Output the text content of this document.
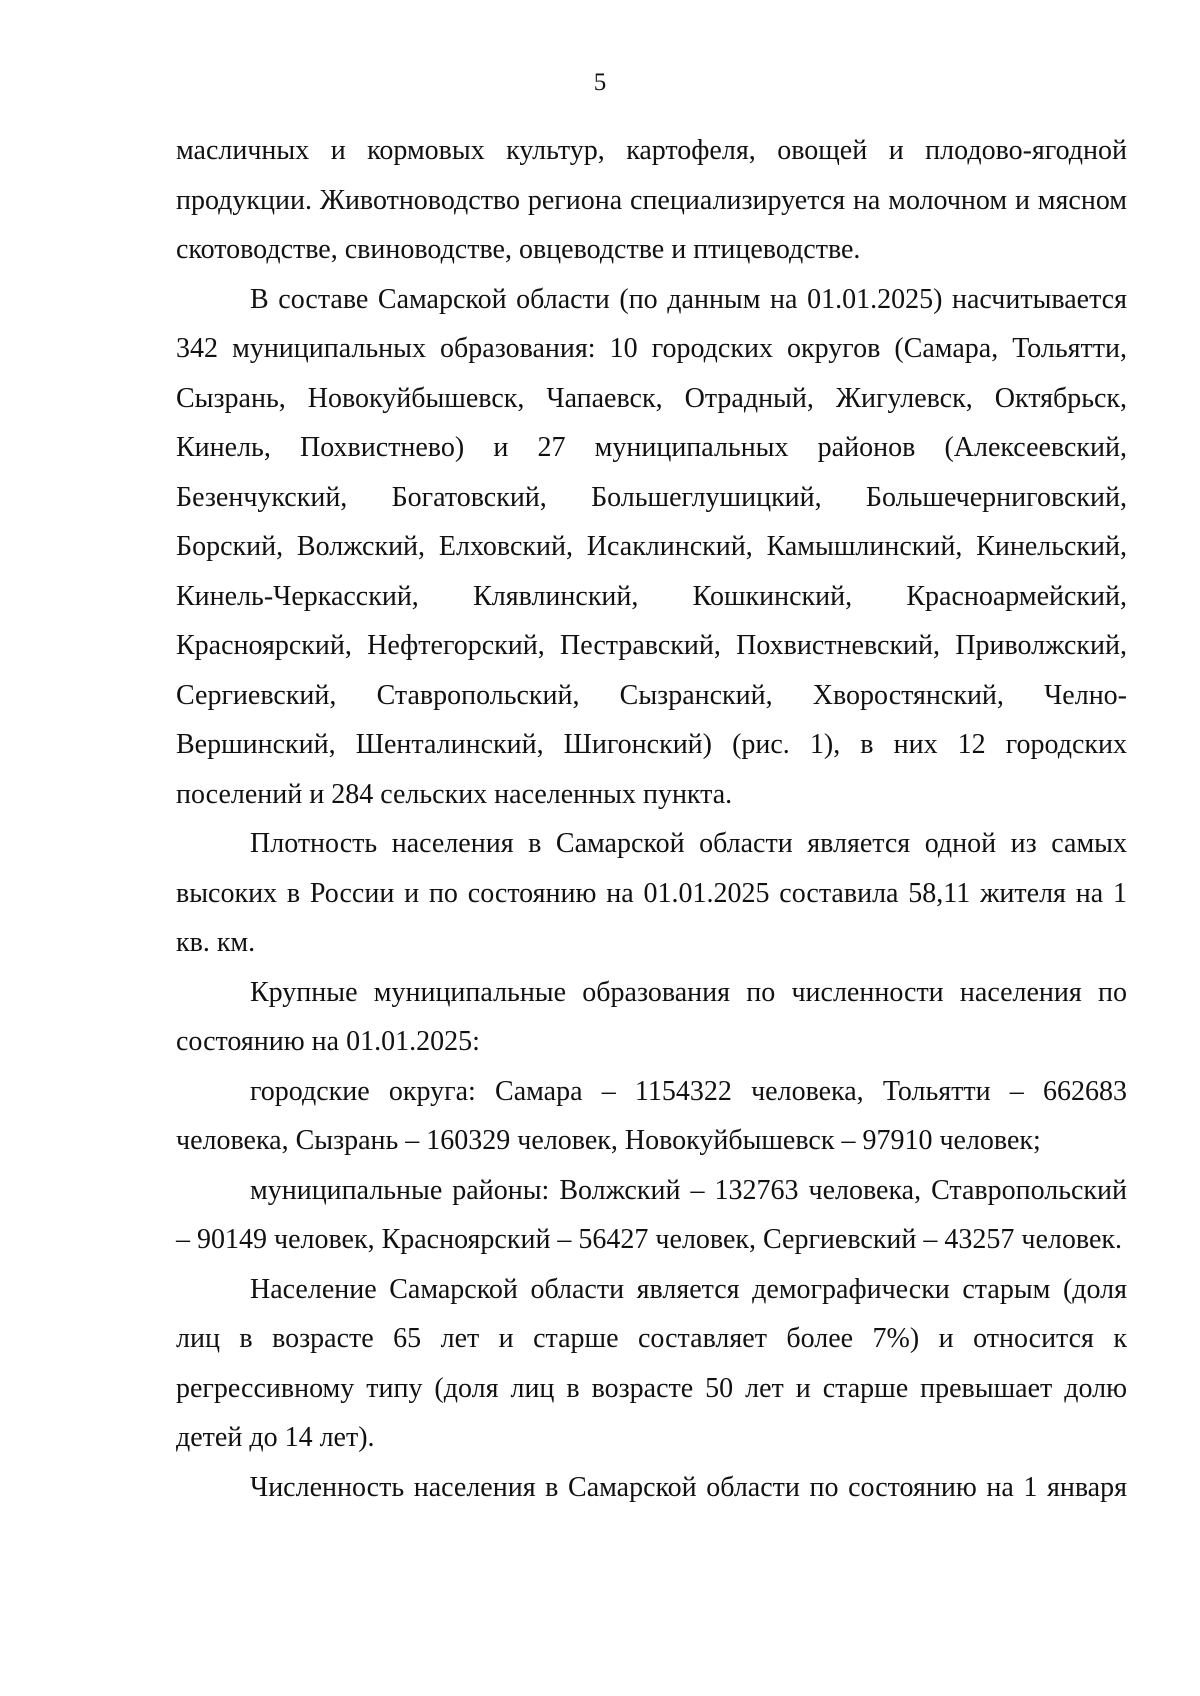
5

масличных и кормовых культур, картофеля, овощей и плодово-ягодной продукции. Животноводство региона специализируется на молочном и мясном скотоводстве, свиноводстве, овцеводстве и птицеводстве.

В составе Самарской области (по данным на 01.01.2025) насчитывается 342 муниципальных образования: 10 городских округов (Самара, Тольятти, Сызрань, Новокуйбышевск, Чапаевск, Отрадный, Жигулевск, Октябрьск, Кинель, Похвистнево) и 27 муниципальных районов (Алексеевский, Безенчукский, Богатовский, Большеглушицкий, Большечерниговский, Борский, Волжский, Елховский, Исаклинский, Камышлинский, Кинельский, Кинель-Черкасский, Клявлинский, Кошкинский, Красноармейский, Красноярский, Нефтегорский, Пестравский, Похвистневский, Приволжский, Сергиевский, Ставропольский, Сызранский, Хворостянский, Челно-Вершинский, Шенталинский, Шигонский) (рис. 1), в них 12 городских поселений и 284 сельских населенных пункта.

Плотность населения в Самарской области является одной из самых высоких в России и по состоянию на 01.01.2025 составила 58,11 жителя на 1 кв. км.

Крупные муниципальные образования по численности населения по состоянию на 01.01.2025:

городские округа: Самара – 1154322 человека, Тольятти – 662683 человека, Сызрань – 160329 человек, Новокуйбышевск – 97910 человек;

муниципальные районы: Волжский – 132763 человека, Ставропольский – 90149 человек, Красноярский – 56427 человек, Сергиевский – 43257 человек.

Население Самарской области является демографически старым (доля лиц в возрасте 65 лет и старше составляет более 7%) и относится к регрессивному типу (доля лиц в возрасте 50 лет и старше превышает долю детей до 14 лет).

Численность населения в Самарской области по состоянию на 1 января
